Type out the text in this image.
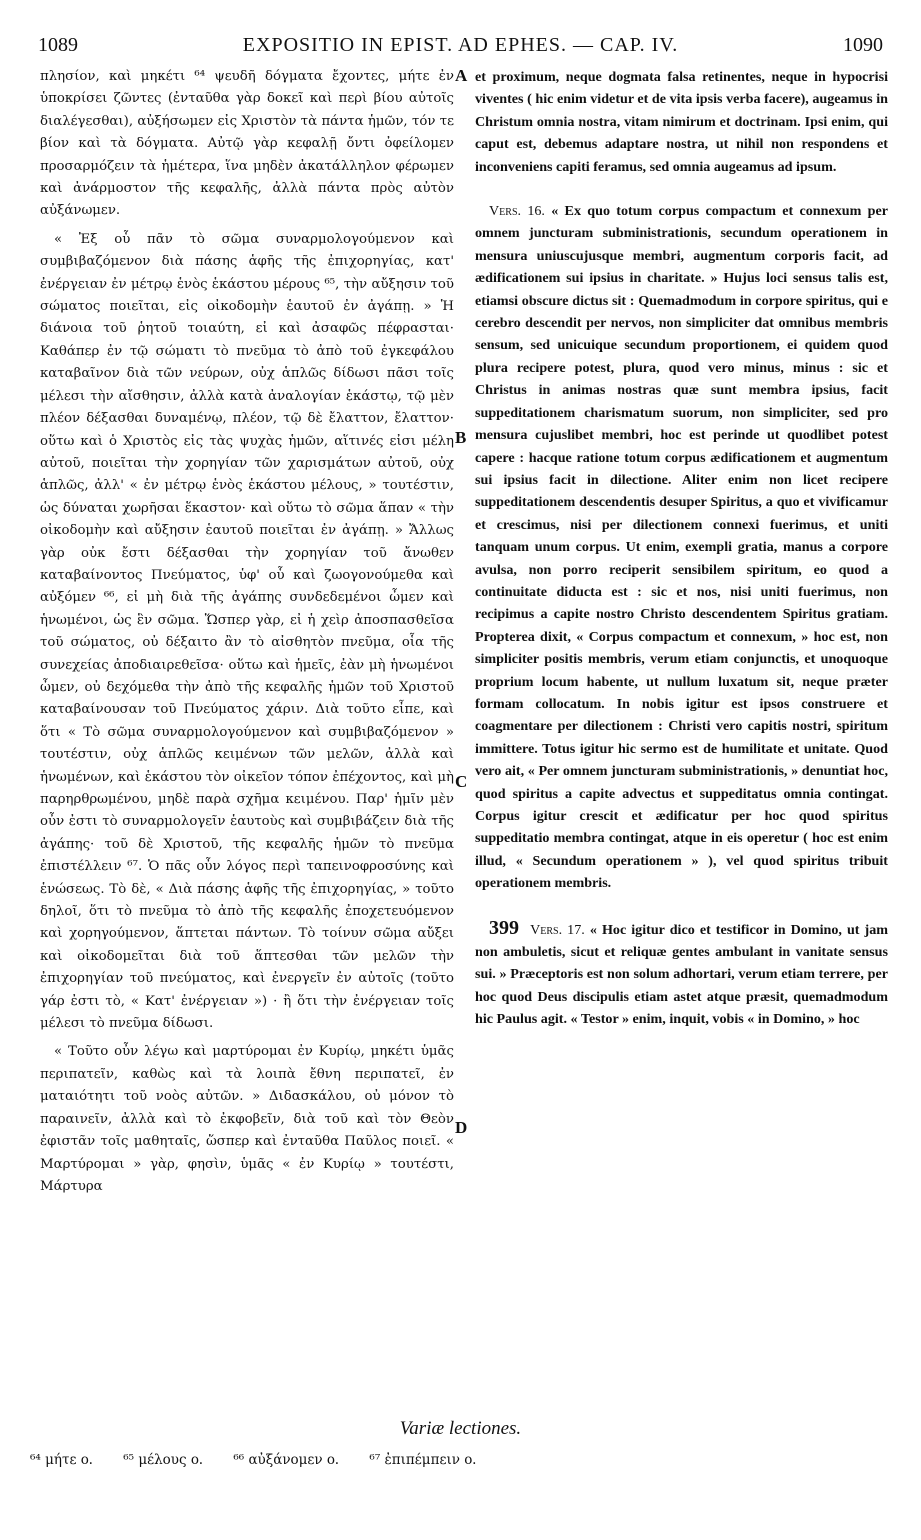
1089	EXPOSITIO IN EPIST. AD EPHES. — CAP. IV.	1090

πλησίον, καὶ μηκέτι ⁶⁴ ψευδῆ δόγματα ἔχοντες, μήτε ἐν ὑποκρίσει ζῶντες (ἐνταῦθα γὰρ δοκεῖ καὶ περὶ βίου αὐτοῖς διαλέγεσθαι), αὐξήσωμεν εἰς Χριστὸν τὰ πάντα ἡμῶν, τόν τε βίον καὶ τὰ δόγματα. Αὐτῷ γὰρ κεφαλῇ ὄντι ὀφείλομεν προσαρμόζειν τὰ ἡμέτερα, ἵνα μηδὲν ἀκατάλληλον φέρωμεν καὶ ἀνάρμοστον τῆς κεφαλῆς, ἀλλὰ πάντα πρὸς αὐτὸν αὐξάνωμεν.

« Ἐξ οὗ πᾶν τὸ σῶμα συναρμολογούμενον καὶ συμβιβαζόμενον διὰ πάσης ἁφῆς τῆς ἐπιχορηγίας, κατ' ἐνέργειαν ἐν μέτρῳ ἑνὸς ἑκάστου μέρους ⁶⁵, τὴν αὔξησιν τοῦ σώματος ποιεῖται, εἰς οἰκοδομὴν ἑαυτοῦ ἐν ἀγάπῃ. » Ἡ διάνοια τοῦ ῥητοῦ τοιαύτη, εἰ καὶ ἀσαφῶς πέφρασται· Καθάπερ ἐν τῷ σώματι τὸ πνεῦμα τὸ ἀπὸ τοῦ ἐγκεφάλου καταβαῖνον διὰ τῶν νεύρων, οὐχ ἁπλῶς δίδωσι πᾶσι τοῖς μέλεσι τὴν αἴσθησιν, ἀλλὰ κατὰ ἀναλογίαν ἑκάστῳ, τῷ μὲν πλέον δέξασθαι δυναμένῳ, πλέον, τῷ δὲ ἔλαττον, ἔλαττον· οὕτω καὶ ὁ Χριστὸς εἰς τὰς ψυχὰς ἡμῶν, αἵτινές εἰσι μέλη αὐτοῦ, ποιεῖται τὴν χορηγίαν τῶν χαρισμάτων αὐτοῦ, οὐχ ἁπλῶς, ἀλλ' « ἐν μέτρῳ ἑνὸς ἑκάστου μέλους, » τουτέστιν, ὡς δύναται χωρῆσαι ἕκαστον· καὶ οὕτω τὸ σῶμα ἅπαν « τὴν οἰκοδομὴν καὶ αὔξησιν ἑαυτοῦ ποιεῖται ἐν ἀγάπῃ. » Ἄλλως γὰρ οὐκ ἔστι δέξασθαι τὴν χορηγίαν τοῦ ἄνωθεν καταβαίνοντος Πνεύματος, ὑφ' οὗ καὶ ζωογονούμεθα καὶ αὐξόμεν ⁶⁶, εἰ μὴ διὰ τῆς ἀγάπης συνδεδεμένοι ὦμεν καὶ ἡνωμένοι, ὡς ἓν σῶμα. Ὥσπερ γὰρ, εἰ ἡ χεὶρ ἀποσπασθεῖσα τοῦ σώματος, οὐ δέξαιτο ἂν τὸ αἰσθητὸν πνεῦμα, οἷα τῆς συνεχείας ἀποδιαιρεθεῖσα· οὕτω καὶ ἡμεῖς, ἐὰν μὴ ἡνωμένοι ὦμεν, οὐ δεχόμεθα τὴν ἀπὸ τῆς κεφαλῆς ἡμῶν τοῦ Χριστοῦ καταβαίνουσαν τοῦ Πνεύματος χάριν. Διὰ τοῦτο εἶπε, καὶ ὅτι « Τὸ σῶμα συναρμολογούμενον καὶ συμβιβαζόμενον » τουτέστιν, οὐχ ἁπλῶς κειμένων τῶν μελῶν, ἀλλὰ καὶ ἡνωμένων, καὶ ἑκάστου τὸν οἰκεῖον τόπον ἐπέχοντος, καὶ μὴ παρηρθρωμένου, μηδὲ παρὰ σχῆμα κειμένου. Παρ' ἡμῖν μὲν οὖν ἐστι τὸ συναρμολογεῖν ἑαυτοὺς καὶ συμβιβάζειν διὰ τῆς ἀγάπης· τοῦ δὲ Χριστοῦ, τῆς κεφαλῆς ἡμῶν τὸ πνεῦμα ἐπιστέλλειν ⁶⁷. Ὁ πᾶς οὖν λόγος περὶ ταπεινοφροσύνης καὶ ἑνώσεως. Τὸ δὲ, « Διὰ πάσης ἁφῆς τῆς ἐπιχορηγίας, » τοῦτο δηλοῖ, ὅτι τὸ πνεῦμα τὸ ἀπὸ τῆς κεφαλῆς ἐποχετευόμενον καὶ χορηγούμενον, ἅπτεται πάντων. Τὸ τοίνυν σῶμα αὔξει καὶ οἰκοδομεῖται διὰ τοῦ ἅπτεσθαι τῶν μελῶν τὴν ἐπιχορηγίαν τοῦ πνεύματος, καὶ ἐνεργεῖν ἐν αὐτοῖς (τοῦτο γάρ ἐστι τὸ, « Κατ' ἐνέργειαν ») · ἢ ὅτι τὴν ἐνέργειαν τοῖς μέλεσι τὸ πνεῦμα δίδωσι.

« Τοῦτο οὖν λέγω καὶ μαρτύρομαι ἐν Κυρίῳ, μηκέτι ὑμᾶς περιπατεῖν, καθὼς καὶ τὰ λοιπὰ ἔθνη περιπατεῖ, ἐν ματαιότητι τοῦ νοὸς αὐτῶν. » Διδασκάλου, οὐ μόνον τὸ παραινεῖν, ἀλλὰ καὶ τὸ ἐκφοβεῖν, διὰ τοῦ καὶ τὸν Θεὸν ἐφιστᾶν τοῖς μαθηταῖς, ὥσπερ καὶ ἐνταῦθα Παῦλος ποιεῖ. « Μαρτύρομαι » γὰρ, φησὶν, ὑμᾶς « ἐν Κυρίῳ » τουτέστι, Μάρτυρα

A
B
C
D

et proximum, neque dogmata falsa retinentes, neque in hypocrisi viventes ( hic enim videtur et de vita ipsis verba facere), augeamus in Christum omnia nostra, vitam nimirum et doctrinam. Ipsi enim, qui caput est, debemus adaptare nostra, ut nihil non respondens et inconveniens capiti feramus, sed omnia augeamus ad ipsum.

Vers. 16. « Ex quo totum corpus compactum et connexum per omnem juncturam subministrationis, secundum operationem in mensura uniuscujusque membri, augmentum corporis facit, ad ædificationem sui ipsius in charitate. » Hujus loci sensus talis est, etiamsi obscure dictus sit : Quemadmodum in corpore spiritus, qui e cerebro descendit per nervos, non simpliciter dat omnibus membris sensum, sed unicuique secundum proportionem, ei quidem quod plura recipere potest, plura, quod vero minus, minus : sic et Christus in animas nostras quæ sunt membra ipsius, facit suppeditationem charismatum suorum, non simpliciter, sed pro mensura cujuslibet membri, hoc est perinde ut quodlibet potest capere : hacque ratione totum corpus ædificationem et augmentum sui ipsius facit in dilectione. Aliter enim non licet recipere suppeditationem descendentis desuper Spiritus, a quo et vivificamur et crescimus, nisi per dilectionem connexi fuerimus, et uniti tanquam unum corpus. Ut enim, exempli gratia, manus a corpore avulsa, non porro reciperit sensibilem spiritum, eo quod a continuitate diducta est : sic et nos, nisi uniti fuerimus, non recipimus a capite nostro Christo descendentem Spiritus gratiam. Propterea dixit, « Corpus compactum et connexum, » hoc est, non simpliciter positis membris, verum etiam conjunctis, et unoquoque proprium locum habente, ut nullum luxatum sit, neque præter formam collocatum. In nobis igitur est ipsos construere et coagmentare per dilectionem : Christi vero capitis nostri, spiritum immittere. Totus igitur hic sermo est de humilitate et unitate. Quod vero ait, « Per omnem juncturam subministrationis, » denuntiat hoc, quod spiritus a capite advectus et suppeditatus omnia contingat. Corpus igitur crescit et ædificatur per hoc quod spiritus suppeditatio membra contingat, atque in eis operetur ( hoc est enim illud, « Secundum operationem » ), vel quod spiritus tribuit operationem membris.

399 Vers. 17. « Hoc igitur dico et testificor in Domino, ut jam non ambuletis, sicut et reliquæ gentes ambulant in vanitate sensus sui. » Præceptoris est non solum adhortari, verum etiam terrere, per hoc quod Deus discipulis etiam astet atque præsit, quemadmodum hic Paulus agit. « Testor » enim, inquit, vobis « in Domino, » hoc

Variæ lectiones.
⁶⁴ μήτε o. ⁶⁵ μέλους o. ⁶⁶ αὐξάνομεν o. ⁶⁷ ἐπιπέμπειν o.
